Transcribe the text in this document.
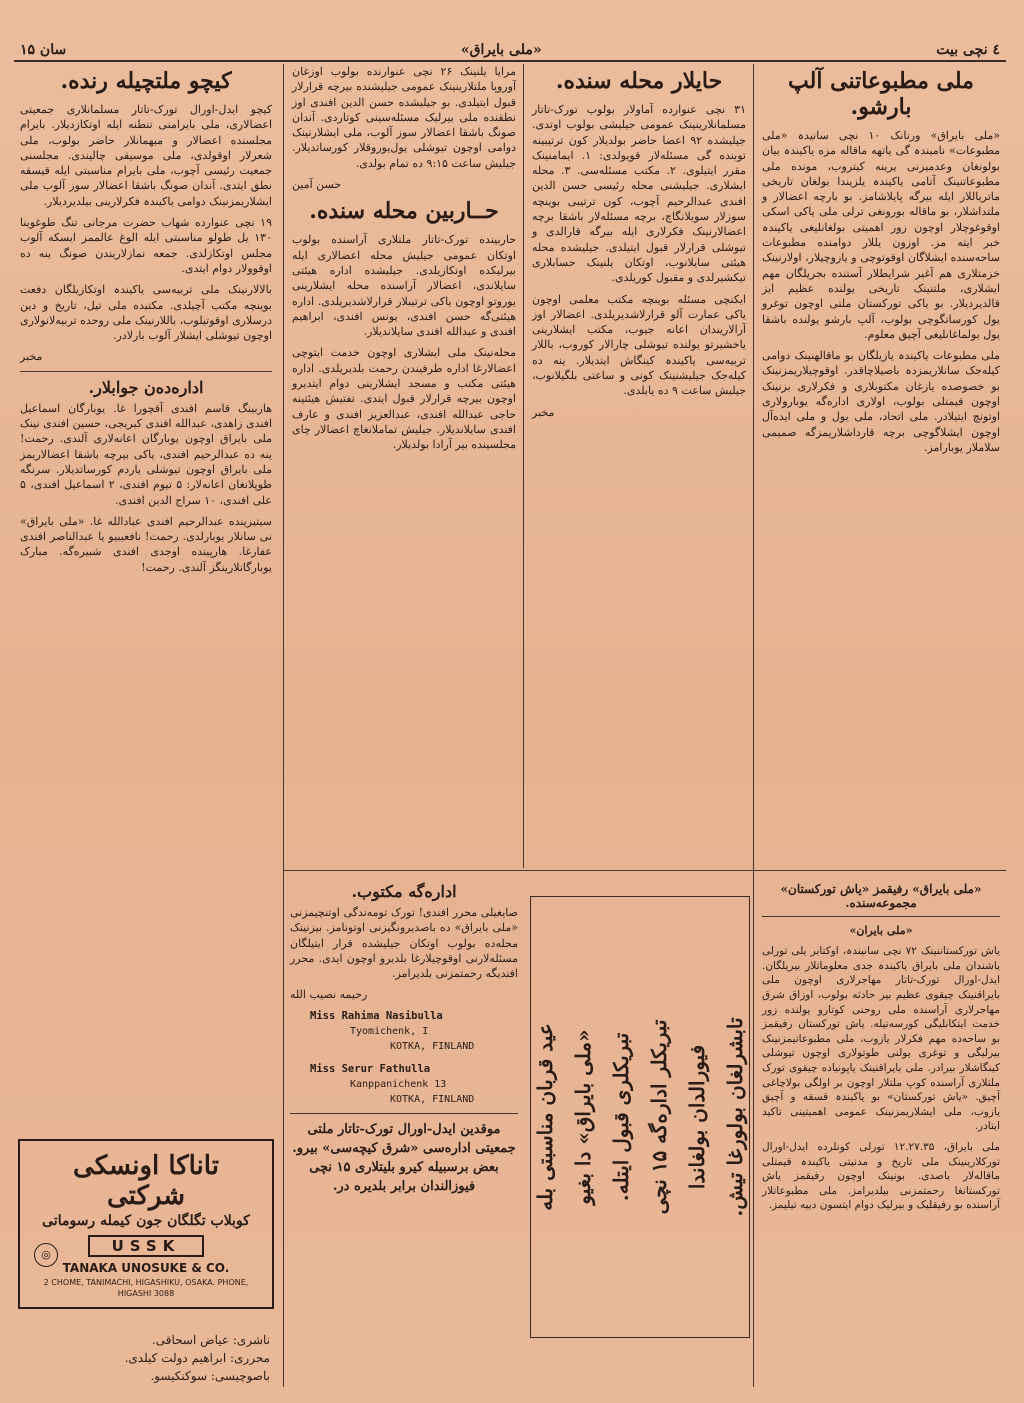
٤ نچی بیت
«ملی بایراق»
سان ۱۵
ملی مطبوعاتنی آلپ بارشو.

«ملی بایراق» ورنانک ۱۰ نچی سانیدہ «ملی مطبوعات» نامیندہ گی یاتهه ماقاله مزه یاکیندہ بیان بولونغان وعدمیزنی یرینه کیتروب، مونده ملی مطبوعاتنینک آتامی یاکیندہ یلزیندا بولغان تاریخی ماتریاللار ایله بیرگه پایلاشامز. بو بارچه اعضالار و ملتداشلار، بو ماقاله بورونغی ترلی ملی یاکی اسکی اوقوغوچلار اوچون زور اهمیتی بولغانلیغی یاکیندہ خبر ایته مز. اوزون یللار دوامنده مطبوعات ساحه‌سنده ایشلاگان اوقوتوچی و یازوچیلار، اولارنینک خزمتلاری هم آغیر شرایطلار آستنده بجریلگان مهم ایشلاری، ملتنینک تاریخی یولنده عظیم ایز قالدیردیلار. بو یاکی تورکستان ملتی اوچون توغرو یول کورساتگوچی بولوب، آلپ بارشو یولنده باشقا یول بولماغانلیغی آچیق معلوم.

ملی مطبوعات یاکیندہ یازیلگان بو ماقالهنینک دوامی کیله‌جک سانلاریمزدہ باصیلاچاقدر. اوقوچیلاریمزنینک بو خصوصده یازغان مکتوبلاری و فکرلاری بزنینک اوچون قیمتلی بولوب، اولاری اداره‌گه یوبارولاری اوتونچ ایتیلادر. ملی اتحاد، ملی یول و ملی ایده‌آل اوچون ایشلاگوچی برچه قارداشلاریمزگه صمیمی سلاملار یوبارامز.

حایلار محله سنده.

۳۱ نچی عنوارده آماولار بولوب تورک-تاتار مسلمانلارینینک عمومی جیلیشی بولوب اوتدی. جیلیشده ۹۲ اعضا حاضر بولدیلار کون ترتیبینه توبنده گی مسئله‌لار قویولدی: ۱. ایمامنینک مقرر ایتیلوی. ۲. مکتب مسئله‌سی. ۳. محله ایشلاری. جیلیشنی محله رئیسی حسن الدین افندی عبدالرحیم آچوب، کون ترتیبی بوینچه سوزلار سویلانگاچ، برچه مسئله‌لار باشقا برچه اعضالارنینک فکرلاری ایله بیرگه قارالدی و تیوشلی قرارلار قبول ایتیلدی. جیلیشده محله هیئتی سایلانوب، اوتکان یلنینک حسابلاری تیکشیرلدی و مقبول کوریلدی.

ایکنچی مسئله بوینچه مکتب معلمی اوچون یاکی عمارت آلو قرارلاشدیریلدی. اعضالار اوز آرالاریندان اعانه جیوب، مکتب ایشلارینی یاخشیرتو یولنده تیوشلی چارالار کوروب، باللار تربیه‌سی یاکیندہ کینگاش ایتدیلار. ینه ده کیله‌جک جیلیشنینک کونی و ساعتی بلگیلانوب، جیلیش ساعت ۹ ده یابلدی.

مخبر

مرایا یلنینک ۲۶ نچی عنوارنده بولوب اوزغان آوروپا ملتلارینینک عمومی جیلیشنده بیرچه قرارلار قبول ایتیلدی. بو جیلیشده حسن الدین افندی اوز نطقنده ملی بیرلیک مسئله‌سینی کوتاردی. آندان صونگ باشقا اعضالار سوز آلوب، ملی ایشلارنینک دوامی اوچون تیوشلی یول‌یوروقلار کورساتدیلار. جیلیش ساعت ۹:۱۵ ده تمام بولدی.

حسن آمین

حــاربین محله سنده.

حاربینده تورک-تاتار ملتلاری آراسنده بولوب اوتکان عمومی جیلیش محله اعضالاری ایله بیرلیکده اوتکازیلدی. جیلیشده اداره هیئتی سایلاندی، اعضالار آراسنده محله ایشلارینی یوروتو اوچون یاکی ترتیبلار قرارلاشدیریلدی. اداره هیئتی‌گه حسن افندی، یونس افندی، ابراهیم افندی و عبدالله افندی سایلاندیلار.

محله‌نینک ملی ایشلاری اوچون خدمت ایتوچی اعضالارغا اداره طرفیندن رحمت بلدیریلدی. اداره هیئتی مکتب و مسجد ایشلارینی دوام ایتدیرو اوچون بیرچه قرارلار قبول ایتدی. تفتیش هیئتینه حاجی عبدالله افندی، عبدالعزیز افندی و عارف افندی سایلاندیلار. جیلیش تماملانغاچ اعضالار چای مجلسینده بیر آرادا بولدیلار.

اداره‌گه مکتوب.

صایغیلی محرر افندی! تورک تومه‌ندگی اوتنچیمزنی «ملی بایراق» ده باصدیرونگیزنی اوتونامز. بیزنینک محله‌ده بولوب اوتکان جیلیشده قرار ایتیلگان مسئله‌لارنی اوقوچیلارغا بلدیرو اوچون ایدی. محرر افندیگه رحمتمزنی بلدیرامز.

رحیمه نصیب الله

Miss Rahima Nasibulla
Tyomichenk, I
KOTKA, FINLAND
Miss Serur Fathulla
Kanppanichenk 13
KOTKA, FINLAND

موقدین ایدل-اورال تورک-تاتار ملتی جمعیتی اداره‌سی «شرق کیچه‌سی» بیرو. بعض برسبیله کیرو بلیتلاری ۱۵ نچی فیوزالندان برابر بلدیره در.	عید قربان مناسبتی بله «ملی بایراق» دا بغیو تبریکلری قبول ایتله. تبریکلر اداره‌گه ۱۵ نچی فیورالدان بولغاندا تابشرلغان بولورغا تیش.
«ملی بایراق» رفیقمز «یاش تورکستان» مجموعه‌سنده.

«ملی بایران»

یاش تورکستاننینک ۷۲ نچی سانیندہ، اوکتابر یلی تورلی یاشندان ملی بایراق یاکیندہ جدی معلوماتلار بیریلگان. ایدل-اورال تورک-تاتار مهاجرلاری اوچون ملی بایراقنینک چیقوی عظیم بیر حادثه بولوب، اوزاق شرق مهاجرلاری آراسنده ملی روحنی کوتارو یولنده زور خدمت ایتکانلیگی کورسه‌تیله. یاش تورکستان رفیقمز بو ساحه‌ده مهم فکرلار یازوب، ملی مطبوعاتیمزنینک بیرلیگی و توغری یولنی طوتولاری اوچون تیوشلی کینگاشلار بیرادر. ملی بایراقنینک یاپونیاده چیقوی تورک ملتلاری آراسنده کوپ ملتلار اوچون بر اولگی بولاچاغی آچیق. «یاش تورکستان» بو یاکیندہ قسقه و آچیق یازوب، ملی ایشلاریمزنینک عمومی اهمیتینی تاکید ایتادر.

ملی بایراق، ۱۲.۲۷.۳۵ تورلی کونلرده ایدل-اورال تورکلارینینک ملی تاریخ و مدنیتی یاکیندہ قیمتلی ماقاله‌لار باصدی. بونینک اوچون رفیقمز یاش تورکستانغا رحمتمزنی بیلدیرامز. ملی مطبوعاتلار آراسنده بو رفیقلیک و بیرلیک دوام ایتسون دییه تیلیمز.

کیچو ملتچیله رنده.

کیچو ایدل-اورال تورک-تاتار مسلمانلاری جمعیتی اعضالاری، ملی بایرامنی تنطنه ایله اوتکازدیلار. بایرام مجلسنده اعضالار و میهمانلار حاضر بولوب، ملی شعرلار اوقولدی، ملی موسیقی چالیندی. مجلسنی جمعیت رئیسی آچوب، ملی بایرام مناسبتی ایله قیسقه نطق ایتدی. آندان صونگ باشقا اعضالار سوز آلوب ملی ایشلاریمزنینک دوامی یاکیندہ فکرلارینی بیلدیردیلار.

۱۹ نچی عنوارده شهاب حضرت مرجانی تنگ طوغوینا ۱۳۰ یل طولو مناسبتی ایله الوغ عالممز ایسکه آلوب مجلس اوتکازلدی. جمعه نمازلاریندن صونگ ینه ده اوقوولار دوام ایتدی.

بالالارنینک ملی تربیه‌سی یاکیندہ اوتکازیلگان دفعت بوینچه مکتب آچیلدی. مکتبده ملی تیل، تاریخ و دین درسلاری اوقوتیلوب، باللارنینک ملی روحده تربیه‌لانولاری اوچون تیوشلی ایشلار آلوب بارلادر.

مخبر

اداره‌ده‌ن جوابلار.

هاربینگ قاسم افندی آقچورا غا. یوبارگان اسماعیل افندی زاهدی، عبدالله افندی کبریجی، حسین افندی نینک ملی بایراق اوچون یوبارگان اعانه‌لاری آلندی. رحمت! ینه ده عبدالرحیم افندی، یاکی بیرچه باشقا اعضالاریمز ملی بایراق اوچون تیوشلی یاردم کورساتدیلار. سرنگه طوپلانغان اعانه‌لار: ۵ تیوم افندی، ۲ اسماعیل افندی، ۵ علی افندی، ۱۰ سراج الدین افندی.

سیتیزینده عبدالرحیم افندی عبادالله غا. «ملی بایراق» نی سانلار یوبارلدی. رحمت! نافعیبیو یا عبدالناصر افندی عفارغا. هارپینده اوجدی افندی شبیره‌گه. مبارک یوبارگانلارینگز آلندی. رحمت!

تاناکا اونسکی شرکتی
کوبلاب تگلگان جون کیمله رسوماتی
◎	USSK
TANAKA UNOSUKE & CO.
2 CHOME, TANIMACHI, HIGASHIKU, OSAKA. PHONE, HIGASHI 3088
ناشری: عیاض اسحاقی.
محرری: ابراهیم دولت کیلدی.
باصوچیسی: سوکنکیسو.
